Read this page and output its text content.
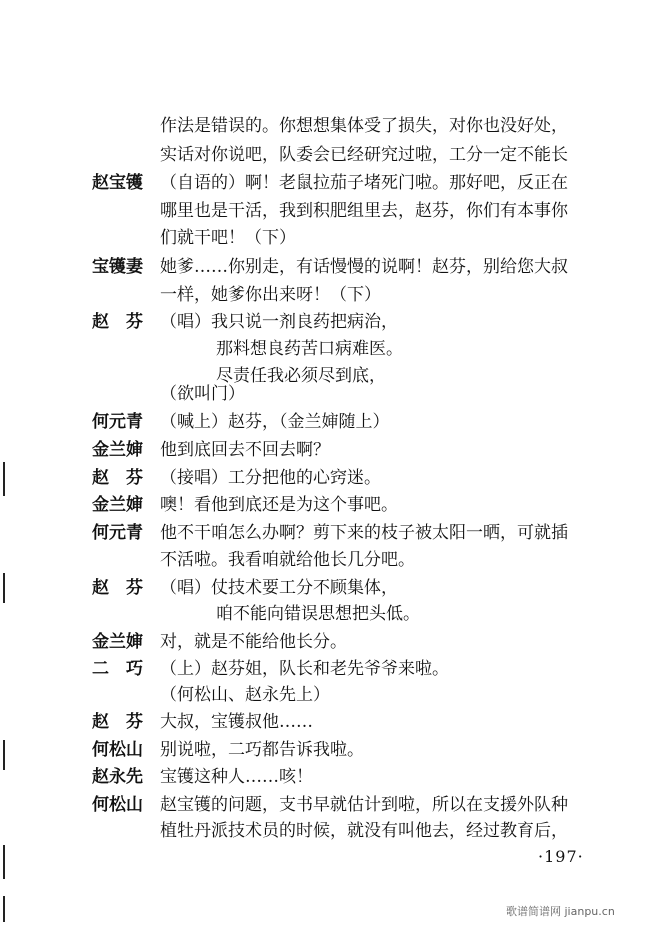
作法是错误的。你想想集体受了损失，对你也没好处，
实话对你说吧，队委会已经研究过啦，工分一定不能长
赵宝镬	（自语的）啊！老鼠拉茄子堵死门啦。那好吧，反正在
哪里也是干活，我到积肥组里去，赵芬，你们有本事你
们就干吧！（下）
宝镬妻	她爹……你别走，有话慢慢的说啊！赵芬，别给您大叔
一样，她爹你出来呀！（下）
赵　芬	（唱）我只说一剂良药把病治，
那料想良药苦口病难医。
尽责任我必须尽到底，
（欲叫门）
何元青	（喊上）赵芬，（金兰婶随上）
金兰婶	他到底回去不回去啊？
赵　芬	（接唱）工分把他的心窍迷。
金兰婶	噢！看他到底还是为这个事吧。
何元青	他不干咱怎么办啊？剪下来的枝子被太阳一晒，可就插
不活啦。我看咱就给他长几分吧。
赵　芬	（唱）仗技术要工分不顾集体，
咱不能向错误思想把头低。
金兰婶	对，就是不能给他长分。
二　巧	（上）赵芬姐，队长和老先爷爷来啦。
（何松山、赵永先上）
赵　芬	大叔，宝镬叔他……
何松山	别说啦，二巧都告诉我啦。
赵永先	宝镬这种人……咳！
何松山	赵宝镬的问题，支书早就估计到啦，所以在支援外队种
植牡丹派技术员的时候，就没有叫他去，经过教育后，
·197·
歌谱简谱网 jianpu.cn
